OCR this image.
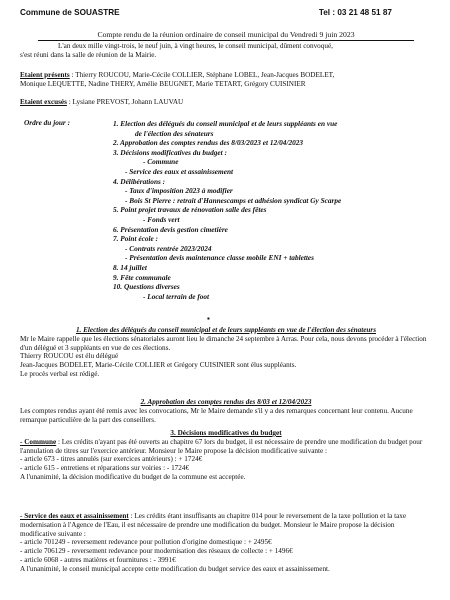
Commune de SOUASTRE	Tel : 03 21 48 51 87
Compte rendu de la réunion ordinaire de conseil municipal du Vendredi 9 juin 2023
L'an deux mille vingt-trois, le neuf juin, à vingt heures, le conseil municipal, dûment convoqué,
s'est réuni dans la salle de réunion de la Mairie.
Etaient présents : Thierry ROUCOU, Marie-Cécile COLLIER, Stéphane LOBEL, Jean-Jacques BODELET,
Monique LEQUETTE, Nadine THERY, Amélie BEUGNET, Marie TETART, Grégory CUISINIER
Etaient excusés : Lysiane PREVOST, Johann LAUVAU
Ordre du jour :	1. Election des délégués du conseil municipal et de leurs suppléants en vue
de l'élection des sénateurs
2. Approbation des comptes rendus des 8/03/2023 et 12/04/2023
3. Décisions modificatives du budget :
- Commune
- Service des eaux et assainissement
4. Délibérations :
- Taux d'imposition 2023 à modifier
- Bois St Pierre : retrait d'Hannescamps et adhésion syndicat Gy Scarpe
5. Point projet travaux de rénovation salle des fêtes
- Fonds vert
6. Présentation devis gestion cimetière
7. Point école :
- Contrats rentrée 2023/2024
- Présentation devis maintenance classe mobile ENI + tablettes
8. 14 juillet
9. Fête communale
10. Questions diverses
- Local terrain de foot
▪
1. Election des délégués du conseil municipal et de leurs suppléants en vue de l'élection des sénateurs
Mr le Maire rappelle que les élections sénatoriales auront lieu le dimanche 24 septembre à Arras. Pour cela, nous devons procéder à l'élection d'un délégué et 3 suppléants en vue de ces élections.
Thierry ROUCOU est élu délégué
Jean-Jacques BODELET, Marie-Cécile COLLIER et Grégory CUISINIER sont élus suppléants.
Le procès verbal est rédigé.
2. Approbation des comptes rendus des 8/03 et 12/04/2023
Les comptes rendus ayant été remis avec les convocations, Mr le Maire demande s'il y a des remarques concernant leur contenu. Aucune remarque particulière de la part des conseillers.
3. Décisions modificatives du budget
- Commune : Les crédits n'ayant pas été ouverts au chapitre 67 lors du budget, il est nécessaire de prendre une modification du budget pour l'annulation de titres sur l'exercice antérieur. Monsieur le Maire propose la décision modificative suivante :
- article 673 - titres annulés (sur exercices antérieurs) : + 1724€
- article 615 - entretiens et réparations sur voiries : - 1724€
A l'unanimité, la décision modificative du budget de la commune est acceptée.
- Service des eaux et assainissement : Les crédits étant insuffisants au chapitre 014 pour le reversement de la taxe pollution et la taxe modernisation à l'Agence de l'Eau, il est nécessaire de prendre une modification du budget. Monsieur le Maire propose la décision modificative suivante :
- article 701249 - reversement redevance pour pollution d'origine domestique : + 2495€
- article 706129 - reversement redevance pour modernisation des réseaux de collecte : + 1496€
- article 6068 - autres matières et fournitures : - 3991€
A l'unanimité, le conseil municipal accepte cette modification du budget service des eaux et assainissement.
